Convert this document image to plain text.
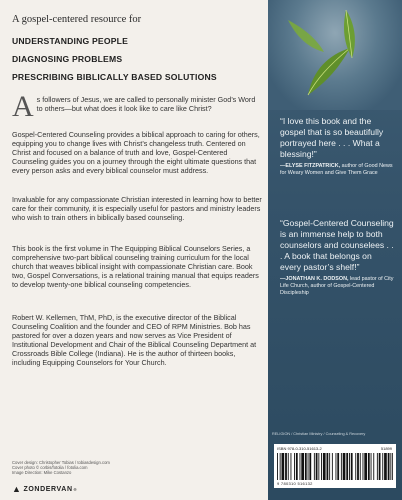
A gospel-centered resource for
UNDERSTANDING PEOPLE
DIAGNOSING PROBLEMS
PRESCRIBING BIBLICALLY BASED SOLUTIONS
As followers of Jesus, we are called to personally minister God’s Word to others—but what does it look like to care like Christ?
Gospel-Centered Counseling provides a biblical approach to caring for others, equipping you to change lives with Christ’s changeless truth. Centered on Christ and focused on a balance of truth and love, Gospel-Centered Counseling guides you on a journey through the eight ultimate questions that every person asks and every biblical counselor must address.
Invaluable for any compassionate Christian interested in learning how to better care for their community, it is especially useful for pastors and ministry leaders who wish to train others in biblically based counseling.
This book is the first volume in The Equipping Biblical Counselors Series, a comprehensive two-part biblical counseling training curriculum for the local church that weaves biblical insight with compassionate Christian care. Book two, Gospel Conversations, is a relational training manual that equips readers to develop twenty-one biblical counseling competencies.
Robert W. Kellemen, ThM, PhD, is the executive director of the Biblical Counseling Coalition and the founder and CEO of RPM Ministries. Bob has pastored for over a dozen years and now serves as Vice President of Institutional Development and Chair of the Biblical Counseling Department at Crossroads Bible College (Indiana). He is the author of thirteen books, including Equipping Counselors for Your Church.
Cover design: Christopher Tobias / tobiasdesign.com
Cover photo © corbis/fotolia / fotolia.com
Image Direction: Mike Costanzo
▲ ZONDERVAN ®
“I love this book and the gospel that is so beautifully portrayed here . . . What a blessing!”
—ELYSE FITZPATRICK, author of Good News for Weary Women and Give Them Grace
“Gospel-Centered Counseling is an immense help to both counselors and counselees . . . A book that belongs on every pastor’s shelf!”
—JONATHAN K. DODSON, lead pastor of City Life Church, author of Gospel-Centered Discipleship
RELIGION / Christian Ministry / Counseling & Recovery
ISBN 978-0-310-51613-2	51899
9 780310 516132
